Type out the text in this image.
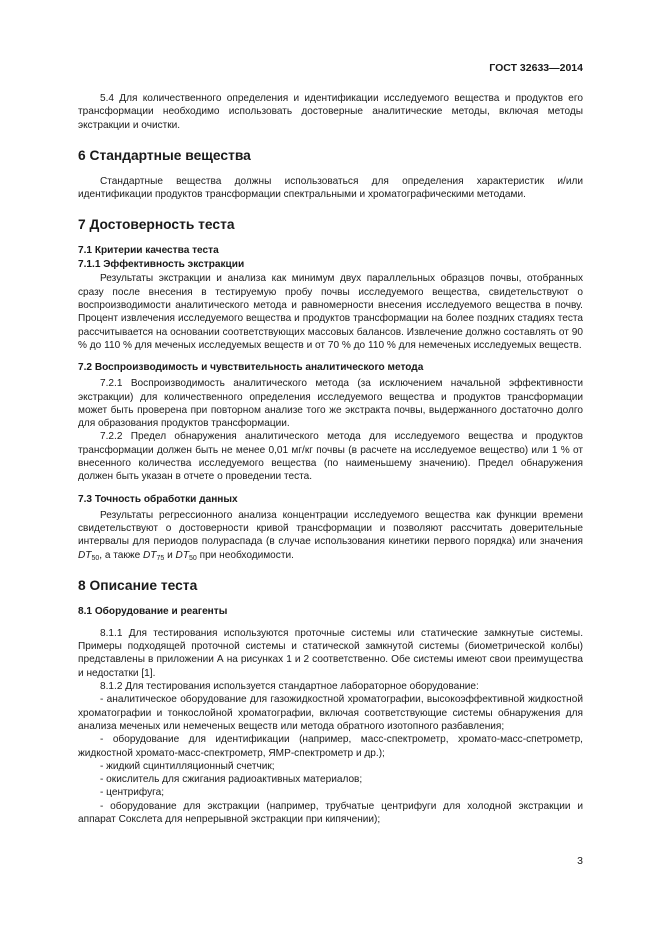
ГОСТ 32633—2014

5.4 Для количественного определения и идентификации исследуемого вещества и продуктов его трансформации необходимо использовать достоверные аналитические методы, включая методы экстракции и очистки.

6 Стандартные вещества

Стандартные вещества должны использоваться для определения характеристик и/или идентификации продуктов трансформации спектральными и хроматографическими методами.

7 Достоверность теста
7.1 Критерии качества теста
7.1.1 Эффективность экстракции

Результаты экстракции и анализа как минимум двух параллельных образцов почвы, отобранных сразу после внесения в тестируемую пробу почвы исследуемого вещества, свидетельствуют о воспроизводимости аналитического метода и равномерности внесения исследуемого вещества в почву. Процент извлечения исследуемого вещества и продуктов трансформации на более поздних стадиях теста рассчитывается на основании соответствующих массовых балансов. Извлечение должно составлять от 90 % до 110 % для меченых исследуемых веществ и от 70 % до 110 % для немеченых исследуемых веществ.

7.2 Воспроизводимость и чувствительность аналитического метода

7.2.1 Воспроизводимость аналитического метода (за исключением начальной эффективности экстракции) для количественного определения исследуемого вещества и продуктов трансформации может быть проверена при повторном анализе того же экстракта почвы, выдержанного достаточно долго для образования продуктов трансформации.

7.2.2 Предел обнаружения аналитического метода для исследуемого вещества и продуктов трансформации должен быть не менее 0,01 мг/кг почвы (в расчете на исследуемое вещество) или 1 % от внесенного количества исследуемого вещества (по наименьшему значению). Предел обнаружения должен быть указан в отчете о проведении теста.

7.3 Точность обработки данных

Результаты регрессионного анализа концентрации исследуемого вещества как функции времени свидетельствуют о достоверности кривой трансформации и позволяют рассчитать доверительные интервалы для периодов полураспада (в случае использования кинетики первого порядка) или значения $DT_{50}$, а также $DT_{75}$ и $DT_{50}$ при необходимости.

8 Описание теста
8.1 Оборудование и реагенты

8.1.1 Для тестирования используются проточные системы или статические замкнутые системы. Примеры подходящей проточной системы и статической замкнутой системы (биометрической колбы) представлены в приложении А на рисунках 1 и 2 соответственно. Обе системы имеют свои преимущества и недостатки [1].

8.1.2 Для тестирования используется стандартное лабораторное оборудование:

- аналитическое оборудование для газожидкостной хроматографии, высокоэффективной жидкостной хроматографии и тонкослойной хроматографии, включая соответствующие системы обнаружения для анализа меченых или немеченых веществ или метода обратного изотопного разбавления;

- оборудование для идентификации (например, масс-спектрометр, хромато-масс-спетрометр, жидкостной хромато-масс-спектрометр, ЯМР-спектрометр и др.);

- жидкий сцинтилляционный счетчик;

- окислитель для сжигания радиоактивных материалов;

- центрифуга;

- оборудование для экстракции (например, трубчатые центрифуги для холодной экстракции и аппарат Сокслета для непрерывной экстракции при кипячении);

3
